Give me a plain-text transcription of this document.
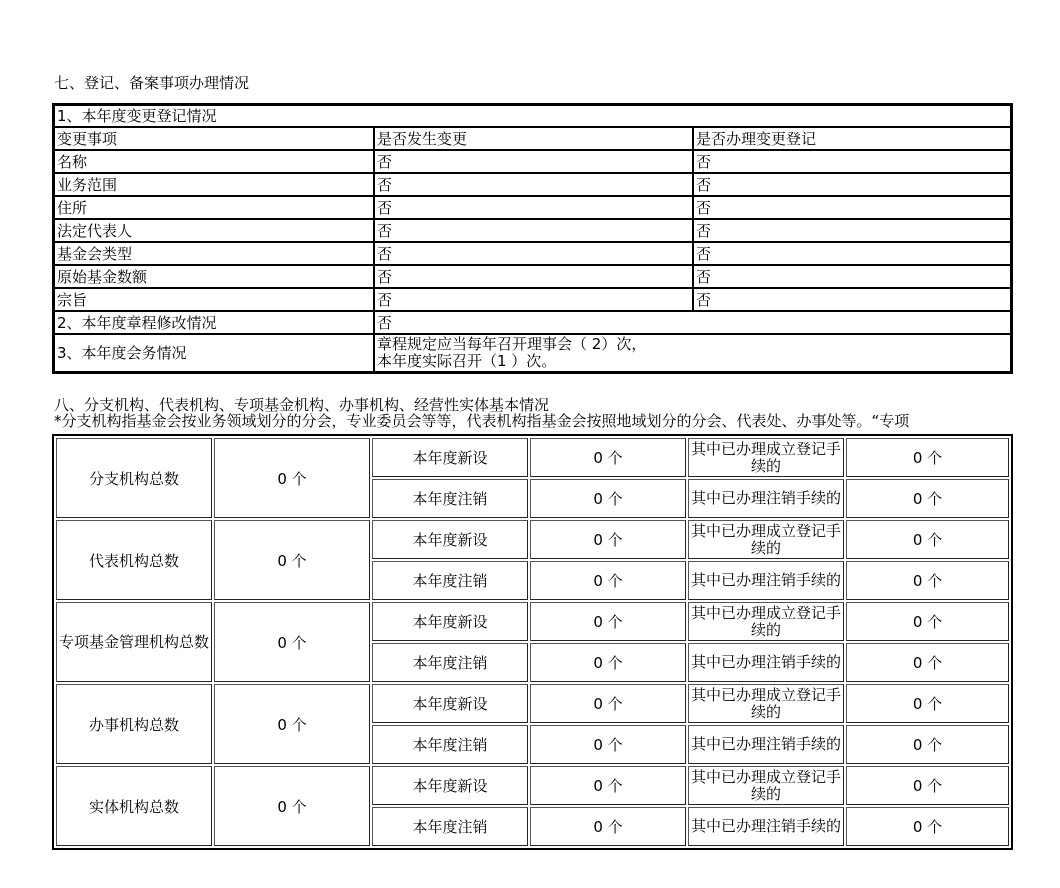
七、登记、备案事项办理情况
1、本年度变更登记情况		
变更事项	是否发生变更	是否办理变更登记
名称	否	否
业务范围	否	否
住所	否	否
法定代表人	否	否
基金会类型	否	否
原始基金数额	否	否
宗旨	否	否
2、本年度章程修改情况	否	
3、本年度会务情况	章程规定应当每年召开理事会（ 2）次，
本年度实际召开（1 ）次。	
八、分支机构、代表机构、专项基金机构、办事机构、经营性实体基本情况
*分支机构指基金会按业务领域划分的分会，专业委员会等等，代表机构指基金会按照地域划分的分会、代表处、办事处等。“专项
分支机构总数	0 个	本年度新设	0 个	其中已办理成立登记手续的	0 个
		本年度注销	0 个	其中已办理注销手续的	0 个
代表机构总数	0 个	本年度新设	0 个	其中已办理成立登记手续的	0 个
		本年度注销	0 个	其中已办理注销手续的	0 个
专项基金管理机构总数	0 个	本年度新设	0 个	其中已办理成立登记手续的	0 个
		本年度注销	0 个	其中已办理注销手续的	0 个
办事机构总数	0 个	本年度新设	0 个	其中已办理成立登记手续的	0 个
		本年度注销	0 个	其中已办理注销手续的	0 个
实体机构总数	0 个	本年度新设	0 个	其中已办理成立登记手续的	0 个
		本年度注销	0 个	其中已办理注销手续的	0 个
